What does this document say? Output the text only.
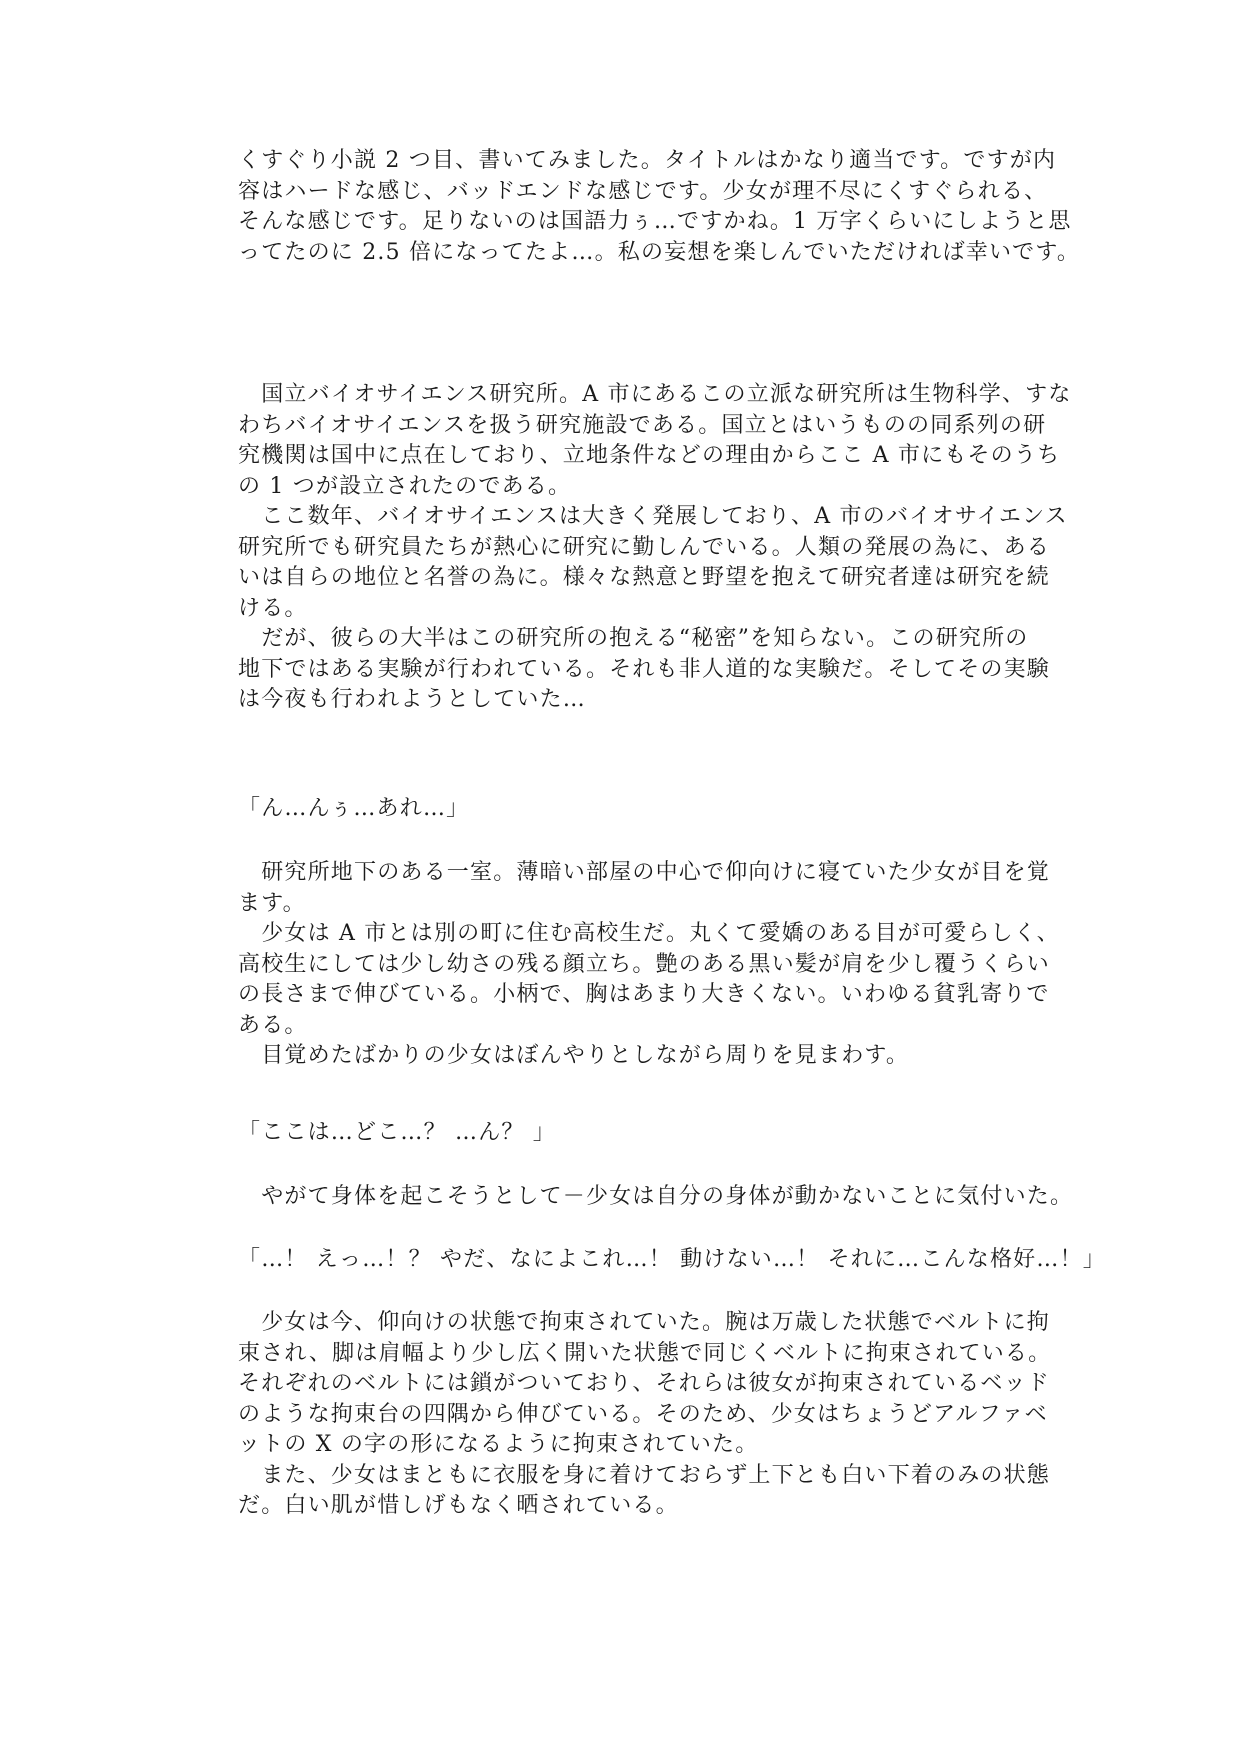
くすぐり小説 2 つ目、書いてみました。タイトルはかなり適当です。ですが内
容はハードな感じ、バッドエンドな感じです。少女が理不尽にくすぐられる、
そんな感じです。足りないのは国語力ぅ…ですかね。1 万字くらいにしようと思
ってたのに 2.5 倍になってたよ…。私の妄想を楽しんでいただければ幸いです。
　国立バイオサイエンス研究所。A 市にあるこの立派な研究所は生物科学、すな
わちバイオサイエンスを扱う研究施設である。国立とはいうものの同系列の研
究機関は国中に点在しており、立地条件などの理由からここ A 市にもそのうち
の 1 つが設立されたのである。
　ここ数年、バイオサイエンスは大きく発展しており、A 市のバイオサイエンス
研究所でも研究員たちが熱心に研究に勤しんでいる。人類の発展の為に、ある
いは自らの地位と名誉の為に。様々な熱意と野望を抱えて研究者達は研究を続
ける。
　だが、彼らの大半はこの研究所の抱える“秘密”を知らない。この研究所の
地下ではある実験が行われている。それも非人道的な実験だ。そしてその実験
は今夜も行われようとしていた…
「ん…んぅ…あれ…」
　研究所地下のある一室。薄暗い部屋の中心で仰向けに寝ていた少女が目を覚
ます。
　少女は A 市とは別の町に住む高校生だ。丸くて愛嬌のある目が可愛らしく、
高校生にしては少し幼さの残る顔立ち。艶のある黒い髪が肩を少し覆うくらい
の長さまで伸びている。小柄で、胸はあまり大きくない。いわゆる貧乳寄りで
ある。
　目覚めたばかりの少女はぼんやりとしながら周りを見まわす。
「ここは…どこ…？ …ん？ 」
　やがて身体を起こそうとして－少女は自分の身体が動かないことに気付いた。
「…！ えっ…！？ やだ、なによこれ…！ 動けない…！ それに…こんな格好…！」
　少女は今、仰向けの状態で拘束されていた。腕は万歳した状態でベルトに拘
束され、脚は肩幅より少し広く開いた状態で同じくベルトに拘束されている。
それぞれのベルトには鎖がついており、それらは彼女が拘束されているベッド
のような拘束台の四隅から伸びている。そのため、少女はちょうどアルファベ
ットの X の字の形になるように拘束されていた。
　また、少女はまともに衣服を身に着けておらず上下とも白い下着のみの状態
だ。白い肌が惜しげもなく晒されている。
